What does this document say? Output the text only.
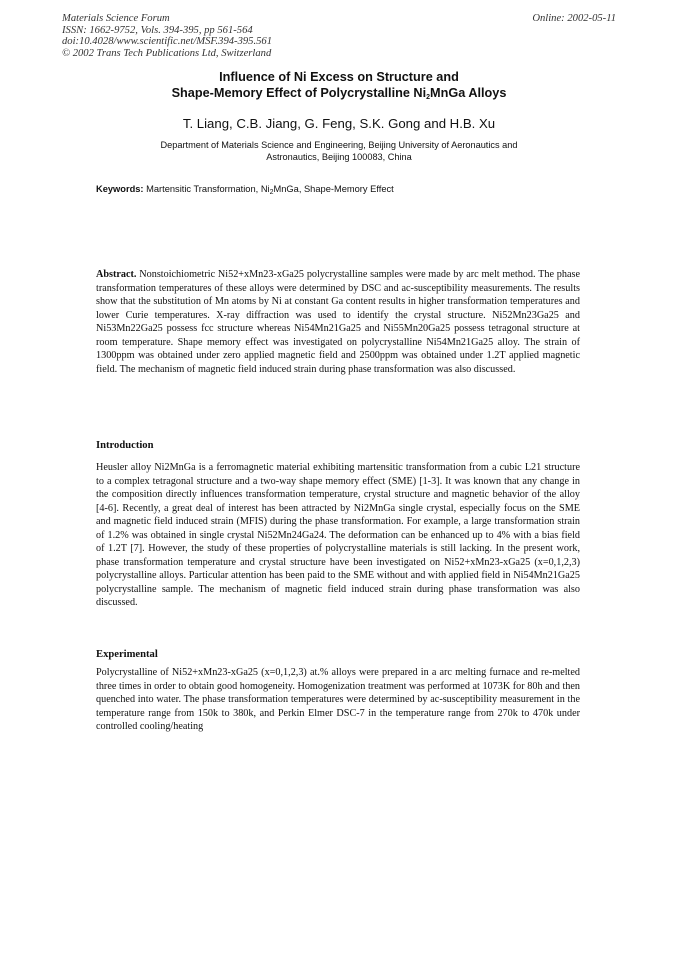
Materials Science Forum
ISSN: 1662-9752, Vols. 394-395, pp 561-564
doi:10.4028/www.scientific.net/MSF.394-395.561
© 2002 Trans Tech Publications Ltd, Switzerland
Online: 2002-05-11
Influence of Ni Excess on Structure and
Shape-Memory Effect of Polycrystalline $Ni_2MnGa$ Alloys
T. Liang, C.B. Jiang, G. Feng, S.K. Gong and H.B. Xu
Department of Materials Science and Engineering, Beijing University of Aeronautics and
Astronautics, Beijing 100083, China
Keywords: Martensitic Transformation, $Ni_2MnGa$, Shape-Memory Effect
Abstract. Nonstoichiometric Ni52+xMn23-xGa25 polycrystalline samples were made by arc melt method. The phase transformation temperatures of these alloys were determined by DSC and ac-susceptibility measurements. The results show that the substitution of Mn atoms by Ni at constant Ga content results in higher transformation temperatures and lower Curie temperatures. X-ray diffraction was used to identify the crystal structure. Ni52Mn23Ga25 and Ni53Mn22Ga25 possess fcc structure whereas Ni54Mn21Ga25 and Ni55Mn20Ga25 possess tetragonal structure at room temperature. Shape memory effect was investigated on polycrystalline Ni54Mn21Ga25 alloy. The strain of 1300ppm was obtained under zero applied magnetic field and 2500ppm was obtained under 1.2T applied magnetic field. The mechanism of magnetic field induced strain during phase transformation was also discussed.
Introduction
Heusler alloy Ni2MnGa is a ferromagnetic material exhibiting martensitic transformation from a cubic L21 structure to a complex tetragonal structure and a two-way shape memory effect (SME) [1-3]. It was known that any change in the composition directly influences transformation temperature, crystal structure and magnetic behavior of the alloy [4-6]. Recently, a great deal of interest has been attracted by Ni2MnGa single crystal, especially focus on the SME and magnetic field induced strain (MFIS) during the phase transformation. For example, a large transformation strain of 1.2% was obtained in single crystal Ni52Mn24Ga24. The deformation can be enhanced up to 4% with a bias field of 1.2T [7]. However, the study of these properties of polycrystalline materials is still lacking. In the present work, phase transformation temperature and crystal structure have been investigated on Ni52+xMn23-xGa25 (x=0,1,2,3) polycrystalline alloys. Particular attention has been paid to the SME without and with applied field in Ni54Mn21Ga25 polycrystalline sample. The mechanism of magnetic field induced strain during phase transformation was also discussed.
Experimental
Polycrystalline of Ni52+xMn23-xGa25 (x=0,1,2,3) at.% alloys were prepared in a arc melting furnace and re-melted three times in order to obtain good homogeneity. Homogenization treatment was performed at 1073K for 80h and then quenched into water. The phase transformation temperatures were determined by ac-susceptibility measurement in the temperature range from 150k to 380k, and Perkin Elmer DSC-7 in the temperature range from 270k to 470k under controlled cooling/heating
